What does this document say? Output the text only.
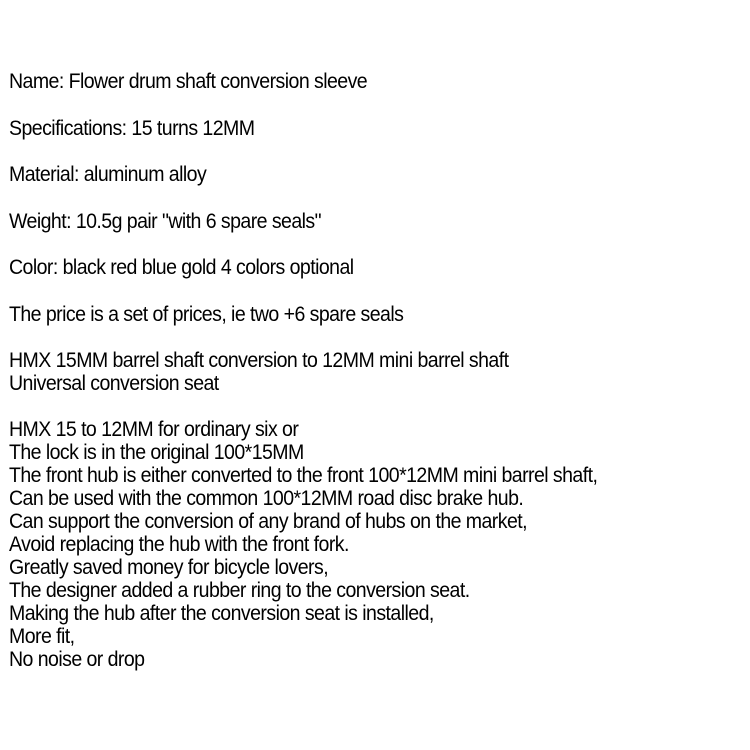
Name: Flower drum shaft conversion sleeve
Specifications: 15 turns 12MM
Material: aluminum alloy
Weight: 10.5g pair "with 6 spare seals"
Color: black red blue gold 4 colors optional
The price is a set of prices, ie two +6 spare seals
HMX 15MM barrel shaft conversion to 12MM mini barrel shaft
Universal conversion seat
HMX 15 to 12MM for ordinary six or
The lock is in the original 100*15MM
The front hub is either converted to the front 100*12MM mini barrel shaft,
Can be used with the common 100*12MM road disc brake hub.
Can support the conversion of any brand of hubs on the market,
Avoid replacing the hub with the front fork.
Greatly saved money for bicycle lovers,
The designer added a rubber ring to the conversion seat.
Making the hub after the conversion seat is installed,
More fit,
No noise or drop
